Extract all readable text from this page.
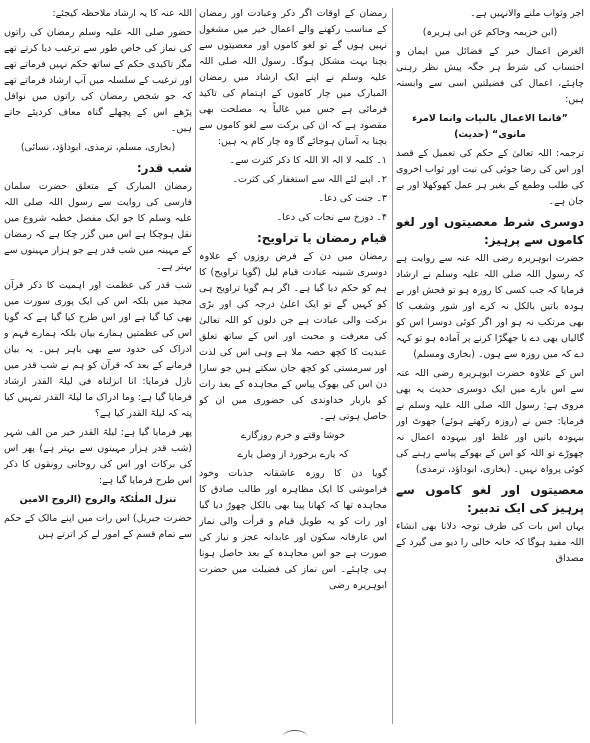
اجر وثواب ملنے والانہیں ہے۔

(ابن خزیمہ وحاکم عن ابی ہریرہ)

الغرض اعمال خیر کے فضائل میں ایمان و احتساب کی شرط ہر جگہ پیش نظر رہنی چاہئے، اعمال کی فضیلتیں اسی سے وابستہ ہیں:

”فانما الاعمال بالنیات وانما لامرء مانوی“ (حدیث)

ترجمہ: اللہ تعالیٰ کے حکم کی تعمیل کے قصد اور اس کی رضا جوئی کی نیت اور ثواب اخروی کی طلب وطمع کے بغیر ہر عمل کھوکھلا اور بے جان ہے۔

دوسری شرط معصیتوں اور لغو کاموں سے پرہیز:

حضرت ابوہریرہ رضی اللہ عنہ سے روایت ہے کہ رسول اللہ صلی اللہ علیہ وسلم نے ارشاد فرمایا کہ جب کسی کا روزہ ہو تو فحش اور بے ہودہ باتیں بالکل نہ کرے اور شور وشغب کا بھی مرتکب نہ ہو اور اگر کوئی دوسرا اس کو گالیاں بھی دے یا جھگڑا کرنے پر آمادہ ہو تو کہہ دے کہ میں روزہ سے ہوں۔ (بخاری ومسلم)

اس کے علاوہ حضرت ابوہریرہ رضی اللہ عنہ سے اس بارے میں ایک دوسری حدیث یہ بھی مروی ہے: رسول اللہ صلی اللہ علیہ وسلم نے فرمایا: جس نے (روزہ رکھتے ہوئے) جھوٹ اور بیہودہ باتیں اور غلط اور بیہودہ اعمال نہ چھوڑے تو اللہ کو اس کے بھوکے پیاسے رہنے کی کوئی پرواہ نہیں۔ (بخاری، ابوداؤد، ترمذی)

معصیتوں اور لغو کاموں سے پرہیز کی ایک تدبیر:

یہاں اس بات کی طرف توجہ دلانا بھی انشاء اللہ مفید ہوگا کہ خانہ خالی را دیو می گیرد کے مصداق

رمضان کے اوقات اگر ذکر وعبادت اور رمضان کے مناسب رکھنے والے اعمال خیر میں مشغول نہیں ہوں گے تو لغو کاموں اور معصیتوں سے بچنا بہت مشکل ہوگا۔ رسول اللہ صلی اللہ علیہ وسلم نے اپنے ایک ارشاد میں رمضان المبارک میں چار کاموں کے اہتمام کی تاکید فرمائی ہے جس میں غالباً یہ مصلحت بھی مقصود ہے کہ ان کی برکت سے لغو کاموں سے بچنا بہ آسان ہوجائے گا وہ چار کام یہ ہیں:

۱۔ کلمہ لا الہ الا اللہ کا ذکر کثرت سے۔

۲۔ اپنے لئے اللہ سے استغفار کی کثرت۔

۳۔ جنت کی دعا۔

۴۔ دوزخ سے نجات کی دعا۔

قیام رمضان یا تراویح:

رمضان میں دن کے فرض روزوں کے علاوہ دوسری شبینہ عبادت قیام لیل (گویا تراویح) کا ہم کو حکم دیا گیا ہے۔ اگر ہم گویا تراویح ہی کو کہیں گے تو ایک اعلیٰ درجہ کی اور بڑی برکت والی عبادت ہے جن دلوں کو اللہ تعالیٰ کی معرفت و محبت اور اس کے ساتھ تعلق عبدیت کا کچھ حصہ ملا ہے وہی اس کی لذت اور سرمستی کو کچھ جان سکتے ہیں جو سارا دن اس کی بھوک پیاس کے مجاہدہ کے بعد رات کو باربار خداوندی کی حضوری میں ان کو حاصل ہوتی ہے۔

خوشا وقتے و خرم روزگارے

کہ یارے برخورد از وصل یارے

گویا دن کا روزہ عاشقانہ جذبات وخود فراموشی کا ایک مظاہرہ اور طالب صادق کا مجاہدہ تھا کہ کھانا پینا بھی بالکل چھوڑ دیا گیا اور رات کو یہ طویل قیام و قرأت والی نماز اس عارفانہ سکون اور عابدانہ عجز و نیاز کی صورت ہے جو اس مجاہدہ کے بعد حاصل ہونا ہی چاہئے۔ اس نماز کی فضیلت میں حضرت ابوہریرہ رضی

اللہ عنہ کا یہ ارشاد ملاحظہ کیجئے:

حضور صلی اللہ علیہ وسلم رمضان کی راتوں کی نماز کی خاص طور سے ترغیب دیا کرتے تھے مگر تاکیدی حکم کے ساتھ حکم نہیں فرماتے تھے اور ترغیب کے سلسلہ میں آپ ارشاد فرماتے تھے کہ جو شخص رمضان کی راتوں میں نوافل پڑھے اس کے پچھلے گناہ معاف کردیئے جاتے ہیں۔

(بخاری، مسلم، ترمذی، ابوداؤد، نسائی)

شب قدر:

رمضان المبارک کے متعلق حضرت سلمان فارسی کی روایت سے رسول اللہ صلی اللہ علیہ وسلم کا جو ایک مفصل خطبہ شروع میں نقل ہوچکا ہے اس میں گزر چکا ہے کہ رمضان کے مہینہ میں شب قدر ہے جو ہزار مہینوں سے بہتر ہے۔

شب قدر کی عظمت اور اہمیت کا ذکر قرآن مجید میں بلکہ اس کی ایک پوری سورت میں بھی کیا گیا ہے اور اس طرح کیا گیا ہے کہ گویا اس کی عظمتیں ہمارے بیان بلکہ ہمارے فہم و ادراک کی حدود سے بھی باہر ہیں۔ یہ بیان فرمانے کے بعد کہ قرآن کو ہم نے شب قدر میں نازل فرمایا: انا انزلناہ فی لیلۃ القدر ارشاد فرمایا گیا ہے: وما ادراک ما لیلۃ القدر تمہیں کیا پتہ کہ لیلۃ القدر کیا ہے؟

پھر فرمایا گیا ہے: لیلۃ القدر خیر من الف شہر (شب قدر ہزار مہینوں سے بہتر ہے) پھر اس کی برکات اور اس کی روحانی رونقوں کا ذکر اس طرح فرمایا گیا ہے:

تنزل الملٰئکۃ والروح (الروح الامین

حضرت جبریل) اس رات میں اپنے مالک کے حکم سے تمام قسم کے امور لے کر اترتے ہیں
